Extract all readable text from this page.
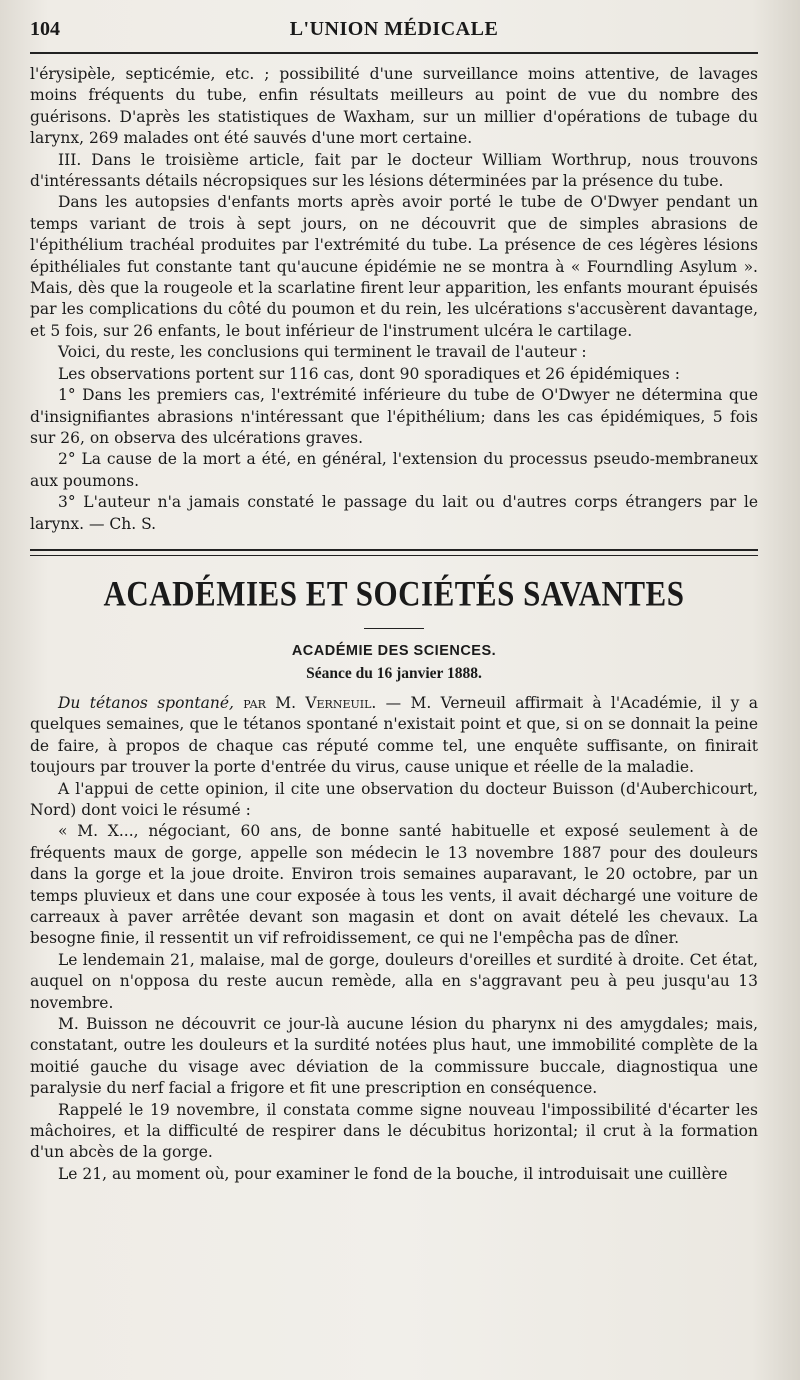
104	L'UNION MÉDICALE

l'érysipèle, septicémie, etc. ; possibilité d'une surveillance moins attentive, de lavages moins fréquents du tube, enfin résultats meilleurs au point de vue du nombre des guérisons. D'après les statistiques de Waxham, sur un millier d'opérations de tubage du larynx, 269 malades ont été sauvés d'une mort certaine.

III. Dans le troisième article, fait par le docteur William Worthrup, nous trouvons d'intéressants détails nécropsiques sur les lésions déterminées par la présence du tube.

Dans les autopsies d'enfants morts après avoir porté le tube de O'Dwyer pendant un temps variant de trois à sept jours, on ne découvrit que de simples abrasions de l'épithélium trachéal produites par l'extrémité du tube. La présence de ces légères lésions épithéliales fut constante tant qu'aucune épidémie ne se montra à « Fourndling Asylum ». Mais, dès que la rougeole et la scarlatine firent leur apparition, les enfants mourant épuisés par les complications du côté du poumon et du rein, les ulcérations s'accusèrent davantage, et 5 fois, sur 26 enfants, le bout inférieur de l'instrument ulcéra le cartilage.

Voici, du reste, les conclusions qui terminent le travail de l'auteur :

Les observations portent sur 116 cas, dont 90 sporadiques et 26 épidémiques :

1° Dans les premiers cas, l'extrémité inférieure du tube de O'Dwyer ne détermina que d'insignifiantes abrasions n'intéressant que l'épithélium; dans les cas épidémiques, 5 fois sur 26, on observa des ulcérations graves.

2° La cause de la mort a été, en général, l'extension du processus pseudo-membraneux aux poumons.

3° L'auteur n'a jamais constaté le passage du lait ou d'autres corps étrangers par le larynx. — Ch. S.

ACADÉMIES ET SOCIÉTÉS SAVANTES
ACADÉMIE DES SCIENCES.
Séance du 16 janvier 1888.

Du tétanos spontané, par M. Verneuil. — M. Verneuil affirmait à l'Académie, il y a quelques semaines, que le tétanos spontané n'existait point et que, si on se donnait la peine de faire, à propos de chaque cas réputé comme tel, une enquête suffisante, on finirait toujours par trouver la porte d'entrée du virus, cause unique et réelle de la maladie.

A l'appui de cette opinion, il cite une observation du docteur Buisson (d'Auberchicourt, Nord) dont voici le résumé :

« M. X..., négociant, 60 ans, de bonne santé habituelle et exposé seulement à de fréquents maux de gorge, appelle son médecin le 13 novembre 1887 pour des douleurs dans la gorge et la joue droite. Environ trois semaines auparavant, le 20 octobre, par un temps pluvieux et dans une cour exposée à tous les vents, il avait déchargé une voiture de carreaux à paver arrêtée devant son magasin et dont on avait dételé les chevaux. La besogne finie, il ressentit un vif refroidissement, ce qui ne l'empêcha pas de dîner.

Le lendemain 21, malaise, mal de gorge, douleurs d'oreilles et surdité à droite. Cet état, auquel on n'opposa du reste aucun remède, alla en s'aggravant peu à peu jusqu'au 13 novembre.

M. Buisson ne découvrit ce jour-là aucune lésion du pharynx ni des amygdales; mais, constatant, outre les douleurs et la surdité notées plus haut, une immobilité complète de la moitié gauche du visage avec déviation de la commissure buccale, diagnostiqua une paralysie du nerf facial a frigore et fit une prescription en conséquence.

Rappelé le 19 novembre, il constata comme signe nouveau l'impossibilité d'écarter les mâchoires, et la difficulté de respirer dans le décubitus horizontal; il crut à la formation d'un abcès de la gorge.

Le 21, au moment où, pour examiner le fond de la bouche, il introduisait une cuillère
